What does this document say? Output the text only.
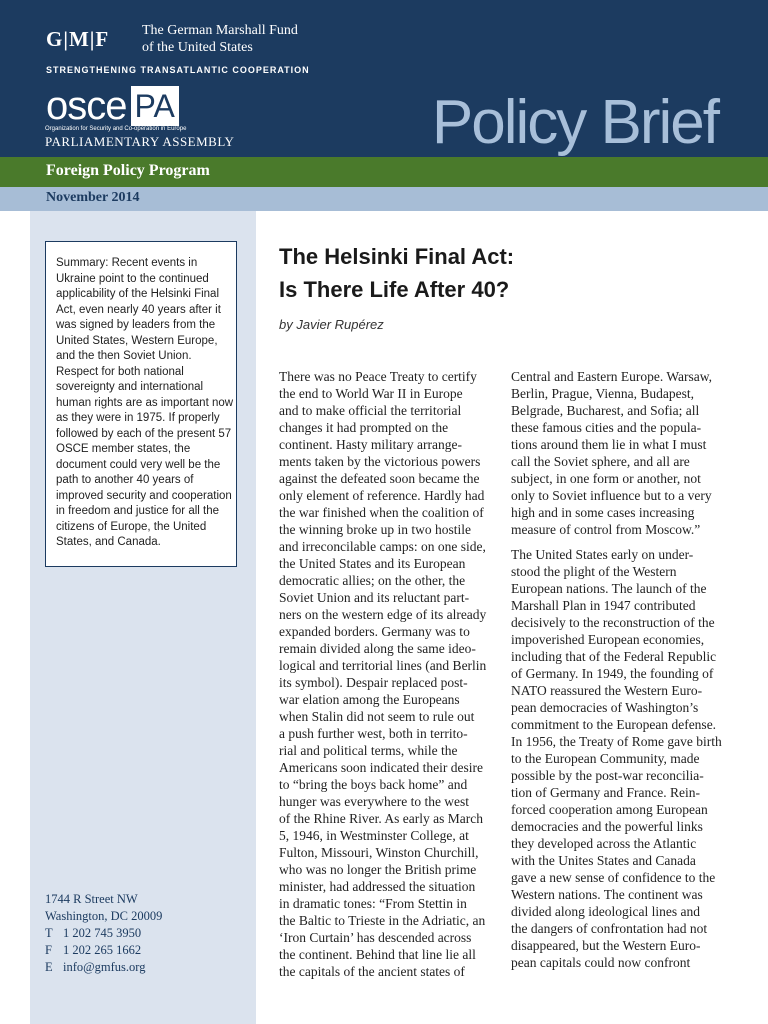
G|M|F The German Marshall Fund
of the United States
STRENGTHENING TRANSATLANTIC COOPERATION
osce PA
Organization for Security and Co-operation in Europe
PARLIAMENTARY ASSEMBLY	Policy Brief
Foreign Policy Program
November 2014
Summary: Recent events in Ukraine point to the continued applicability of the Helsinki Final Act, even nearly 40 years after it was signed by leaders from the United States, Western Europe, and the then Soviet Union. Respect for both national sovereignty and international human rights are as important now as they were in 1975. If properly followed by each of the present 57 OSCE member states, the document could very well be the path to another 40 years of improved security and cooperation in freedom and justice for all the citizens of Europe, the United States, and Canada.
1744 R Street NW
Washington, DC 20009
T 1 202 745 3950
F 1 202 265 1662
E info@gmfus.org
The Helsinki Final Act:
Is There Life After 40?
by Javier Rupérez

There was no Peace Treaty to certify
the end to World War II in Europe
and to make official the territorial
changes it had prompted on the
continent. Hasty military arrange-
ments taken by the victorious powers
against the defeated soon became the
only element of reference. Hardly had
the war finished when the coalition of
the winning broke up in two hostile
and irreconcilable camps: on one side,
the United States and its European
democratic allies; on the other, the
Soviet Union and its reluctant part-
ners on the western edge of its already
expanded borders. Germany was to
remain divided along the same ideo-
logical and territorial lines (and Berlin
its symbol). Despair replaced post-
war elation among the Europeans
when Stalin did not seem to rule out
a push further west, both in territo-
rial and political terms, while the
Americans soon indicated their desire
to “bring the boys back home” and
hunger was everywhere to the west
of the Rhine River. As early as March
5, 1946, in Westminster College, at
Fulton, Missouri, Winston Churchill,
who was no longer the British prime
minister, had addressed the situation
in dramatic tones: “From Stettin in
the Baltic to Trieste in the Adriatic, an
‘Iron Curtain’ has descended across
the continent. Behind that line lie all
the capitals of the ancient states of

Central and Eastern Europe. Warsaw,
Berlin, Prague, Vienna, Budapest,
Belgrade, Bucharest, and Sofia; all
these famous cities and the popula-
tions around them lie in what I must
call the Soviet sphere, and all are
subject, in one form or another, not
only to Soviet influence but to a very
high and in some cases increasing
measure of control from Moscow.”

The United States early on under-
stood the plight of the Western
European nations. The launch of the
Marshall Plan in 1947 contributed
decisively to the reconstruction of the
impoverished European economies,
including that of the Federal Republic
of Germany. In 1949, the founding of
NATO reassured the Western Euro-
pean democracies of Washington’s
commitment to the European defense.
In 1956, the Treaty of Rome gave birth
to the European Community, made
possible by the post-war reconcilia-
tion of Germany and France. Rein-
forced cooperation among European
democracies and the powerful links
they developed across the Atlantic
with the Unites States and Canada
gave a new sense of confidence to the
Western nations. The continent was
divided along ideological lines and
the dangers of confrontation had not
disappeared, but the Western Euro-
pean capitals could now confront
